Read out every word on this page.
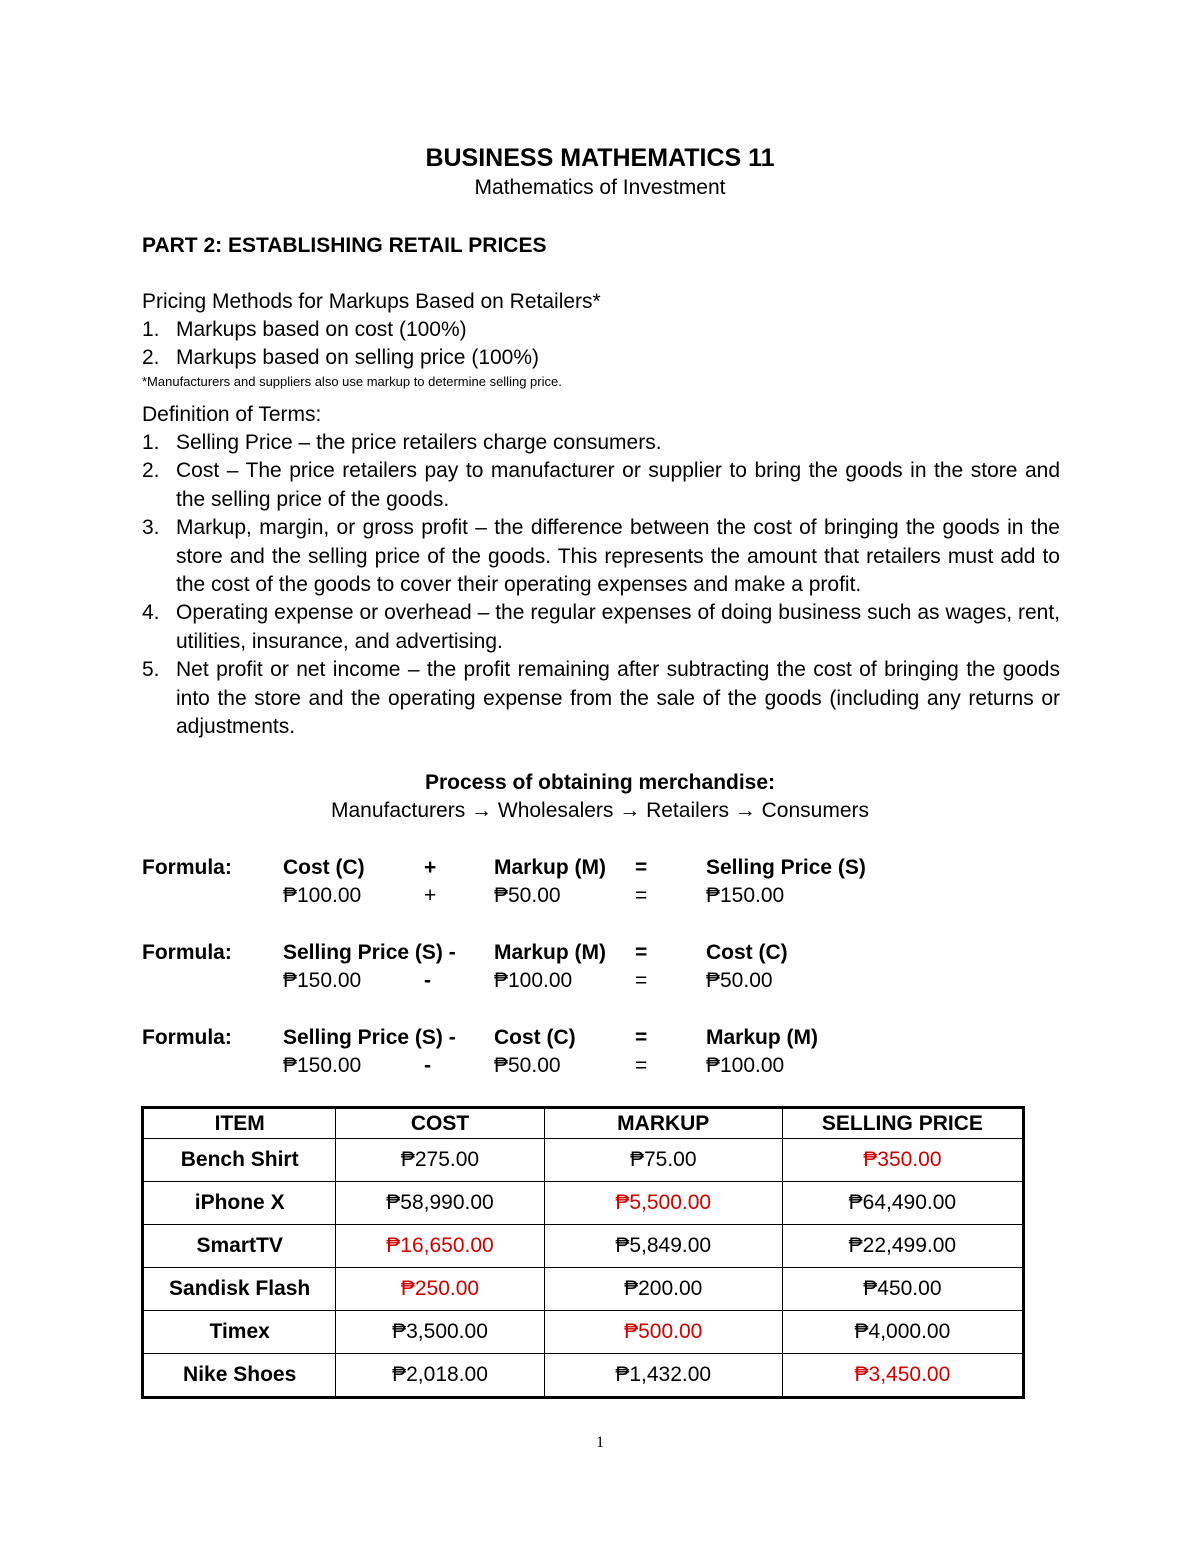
BUSINESS MATHEMATICS 11
Mathematics of Investment
PART 2: ESTABLISHING RETAIL PRICES
Pricing Methods for Markups Based on Retailers*
1. Markups based on cost (100%)
2. Markups based on selling price (100%)
*Manufacturers and suppliers also use markup to determine selling price.
Definition of Terms:
1. Selling Price – the price retailers charge consumers.
2. Cost – The price retailers pay to manufacturer or supplier to bring the goods in the store and the selling price of the goods.
3. Markup, margin, or gross profit – the difference between the cost of bringing the goods in the store and the selling price of the goods. This represents the amount that retailers must add to the cost of the goods to cover their operating expenses and make a profit.
4. Operating expense or overhead – the regular expenses of doing business such as wages, rent, utilities, insurance, and advertising.
5. Net profit or net income – the profit remaining after subtracting the cost of bringing the goods into the store and the operating expense from the sale of the goods (including any returns or adjustments.
Process of obtaining merchandise:
Manufacturers → Wholesalers → Retailers → Consumers
Formula: Cost (C)	+	Markup (M) =	Selling Price (S)
₱100.00	+	₱50.00	=	₱150.00
Formula: Selling Price (S) - Markup (M) =	Cost (C)
₱150.00	-	₱100.00	=	₱50.00
Formula: Selling Price (S) - Cost (C)	=	Markup (M)
₱150.00	-	₱50.00	=	₱100.00
ITEM	COST	MARKUP	SELLING PRICE
Bench Shirt	₱275.00	₱75.00	₱350.00
iPhone X	₱58,990.00	₱5,500.00	₱64,490.00
SmartTV	₱16,650.00	₱5,849.00	₱22,499.00
Sandisk Flash	₱250.00	₱200.00	₱450.00
Timex	₱3,500.00	₱500.00	₱4,000.00
Nike Shoes	₱2,018.00	₱1,432.00	₱3,450.00
1
